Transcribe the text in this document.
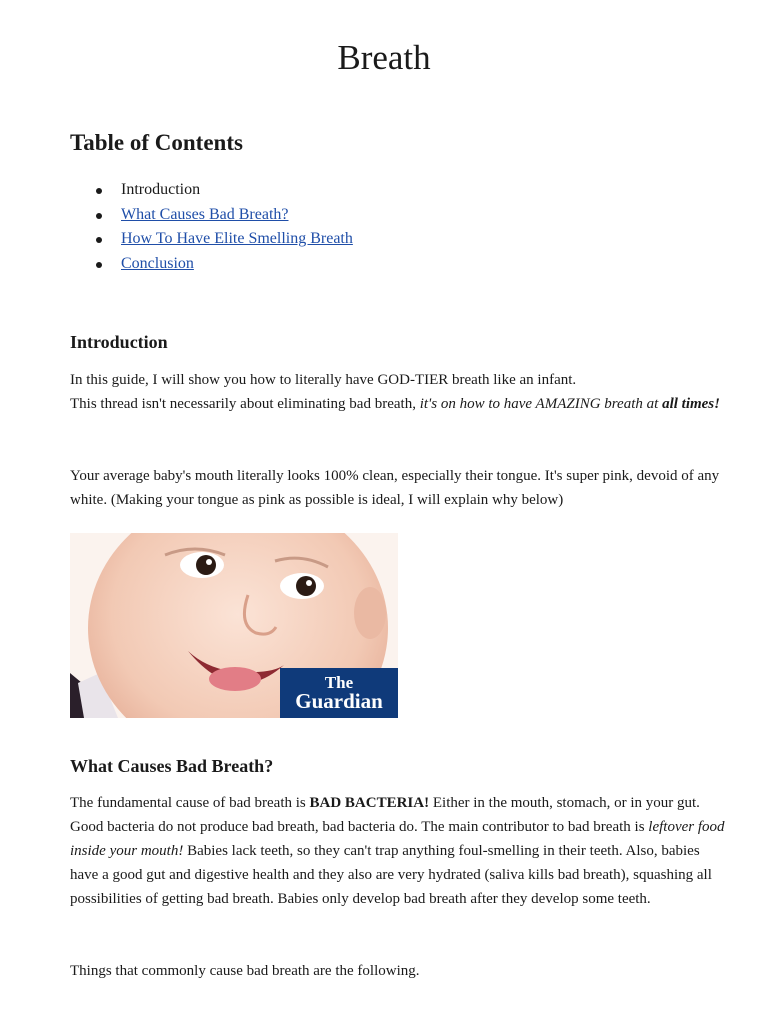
Breath
Table of Contents
Introduction
What Causes Bad Breath?
How To Have Elite Smelling Breath
Conclusion
Introduction

In this guide, I will show you how to literally have GOD-TIER breath like an infant.
This thread isn't necessarily about eliminating bad breath, it's on how to have AMAZING breath at all times!

Your average baby's mouth literally looks 100% clean, especially their tongue. It's super pink, devoid of any white. (Making your tongue as pink as possible is ideal, I will explain why below)

The
Guardian
What Causes Bad Breath?

The fundamental cause of bad breath is BAD BACTERIA! Either in the mouth, stomach, or in your gut. Good bacteria do not produce bad breath, bad bacteria do. The main contributor to bad breath is leftover food inside your mouth! Babies lack teeth, so they can't trap anything foul-smelling in their teeth. Also, babies have a good gut and digestive health and they also are very hydrated (saliva kills bad breath), squashing all possibilities of getting bad breath. Babies only develop bad breath after they develop some teeth.

Things that commonly cause bad breath are the following.
